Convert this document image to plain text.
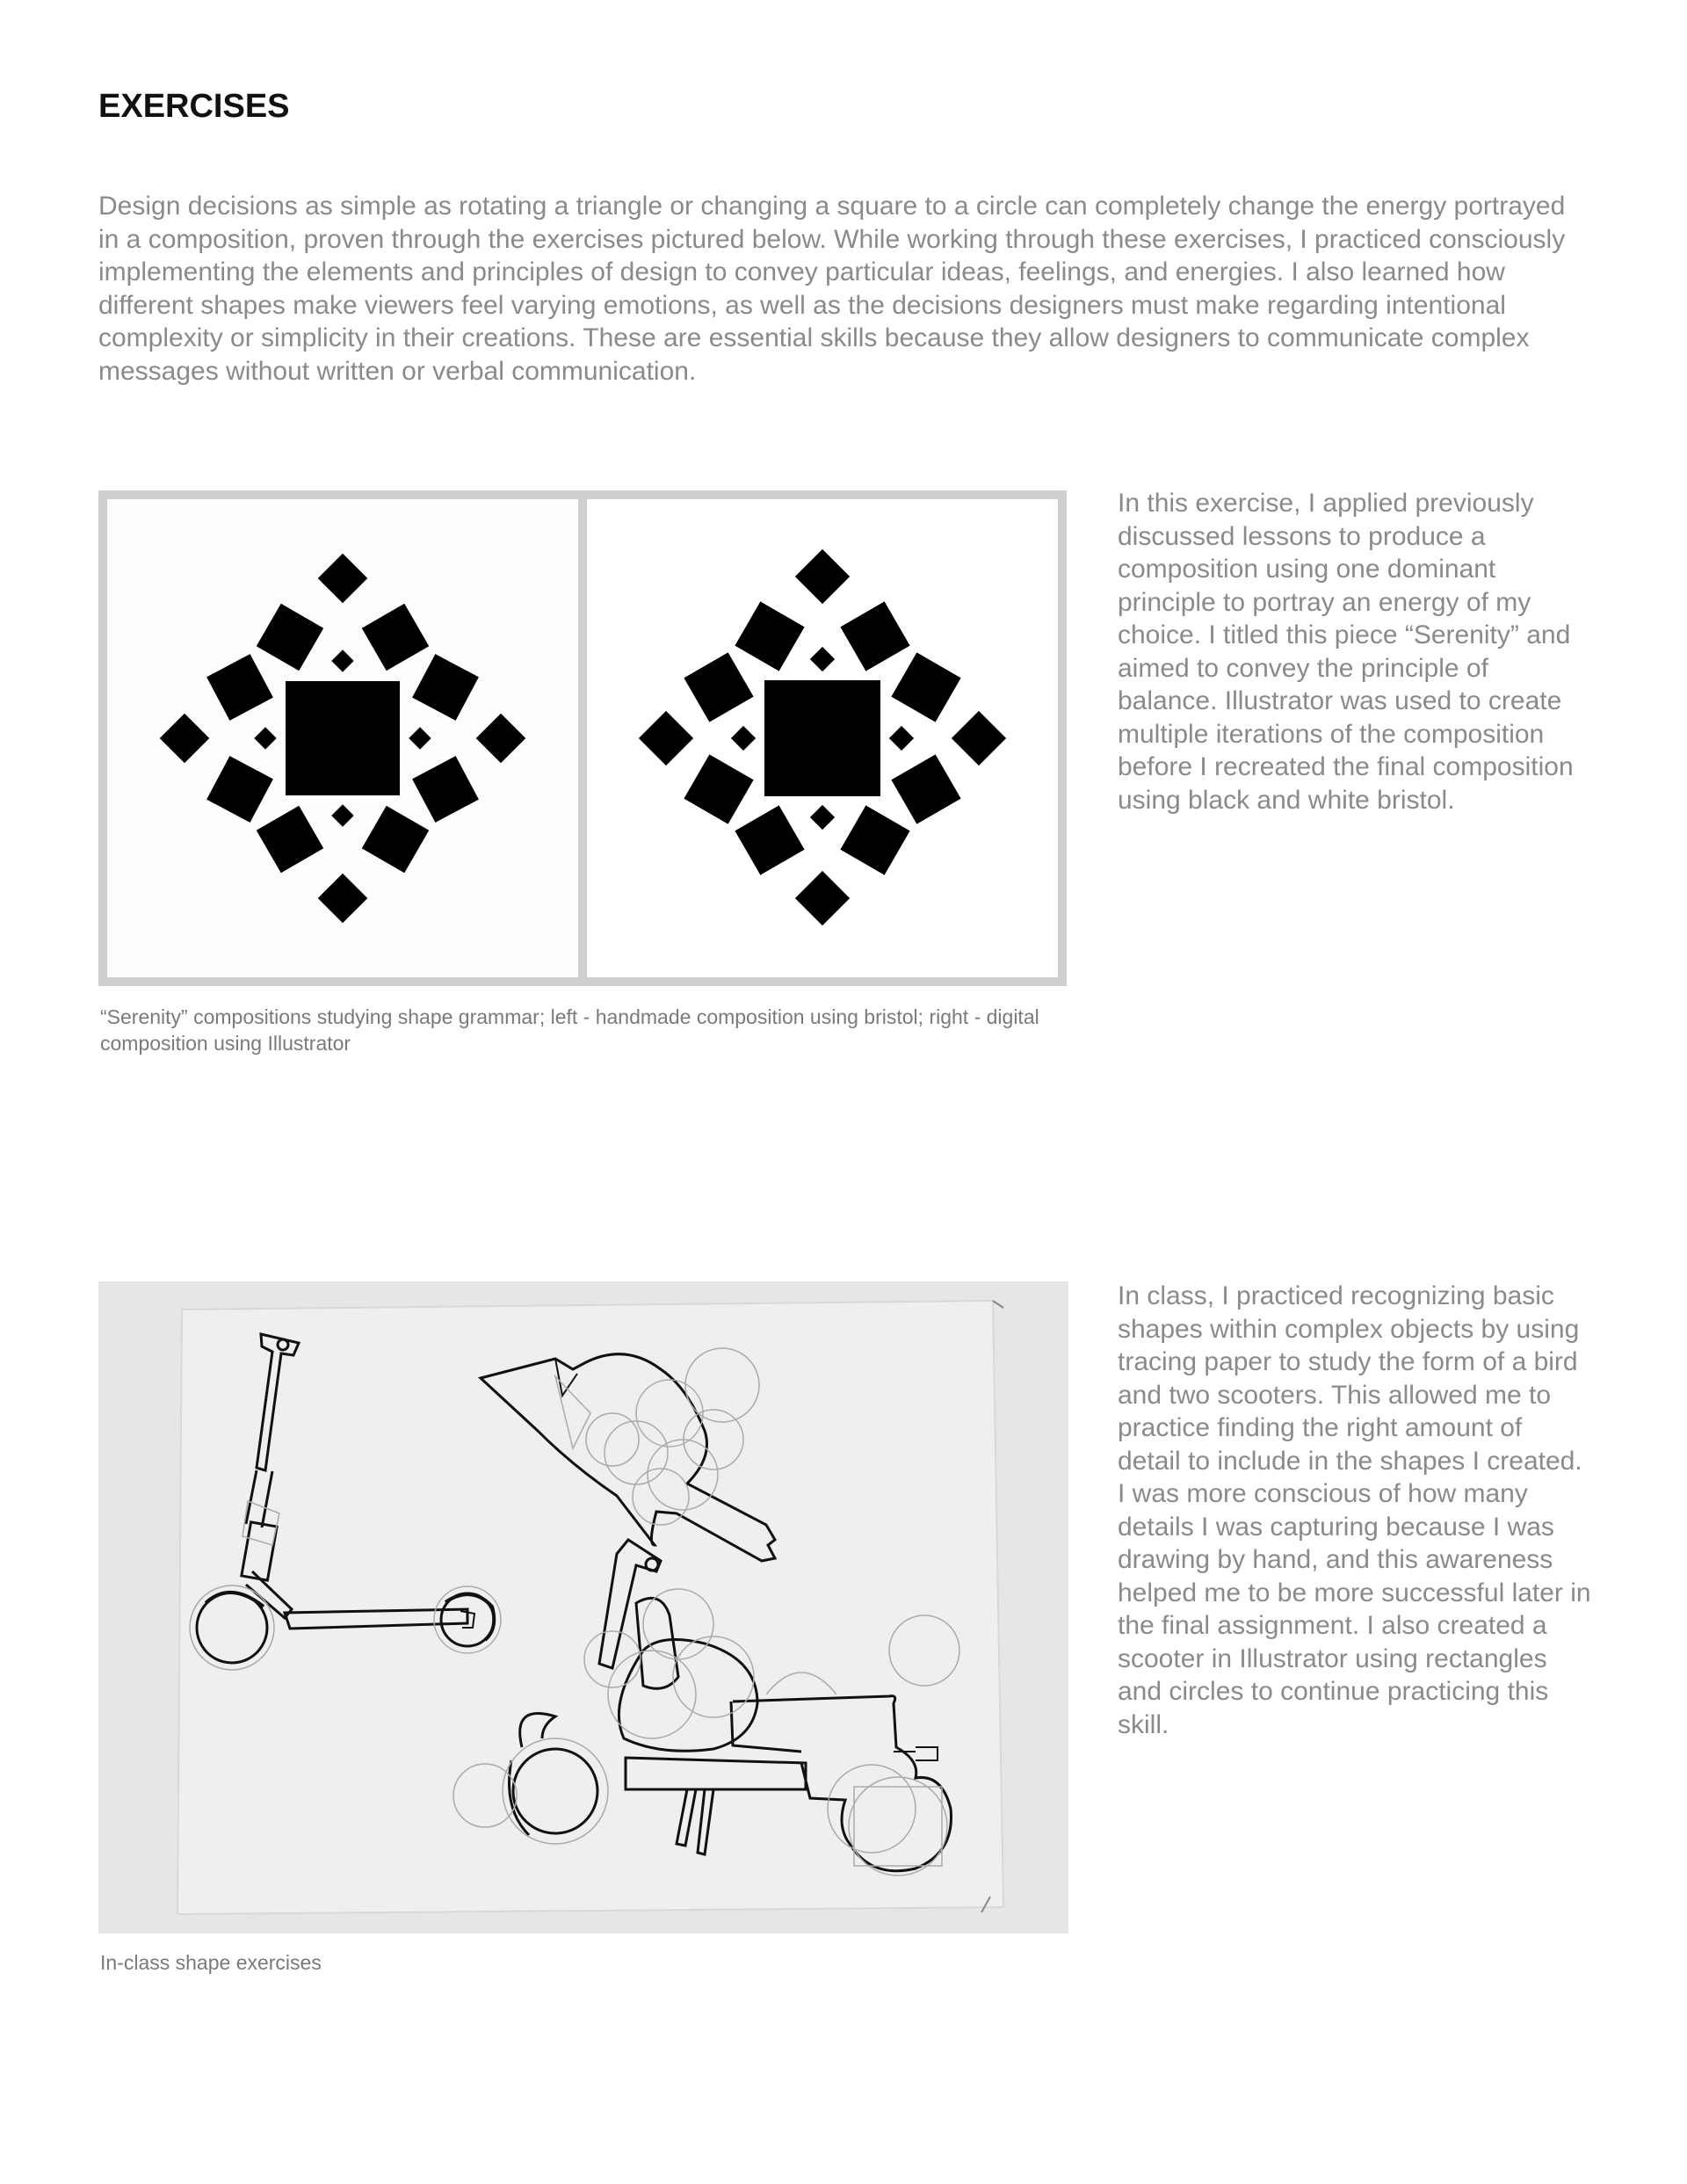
EXERCISES

Design decisions as simple as rotating a triangle or changing a square to a circle can completely change the energy portrayed in a composition, proven through the exercises pictured below. While working through these exercises, I practiced consciously implementing the elements and principles of design to convey particular ideas, feelings, and energies. I also learned how different shapes make viewers feel varying emotions, as well as the decisions designers must make regarding intentional complexity or simplicity in their creations. These are essential skills because they allow designers to communicate complex messages without written or verbal communication.

In this exercise, I applied previously discussed lessons to produce a composition using one dominant principle to portray an energy of my choice. I titled this piece “Serenity” and aimed to convey the principle of balance. Illustrator was used to create multiple iterations of the composition before I recreated the final composition using black and white bristol.

“Serenity” compositions studying shape grammar; left - handmade composition using bristol; right - digital composition using Illustrator

In class, I practiced recognizing basic shapes within complex objects by using tracing paper to study the form of a bird and two scooters. This allowed me to practice finding the right amount of detail to include in the shapes I created. I was more conscious of how many details I was capturing because I was drawing by hand, and this awareness helped me to be more successful later in the final assignment. I also created a scooter in Illustrator using rectangles and circles to continue practicing this skill.

In-class shape exercises
